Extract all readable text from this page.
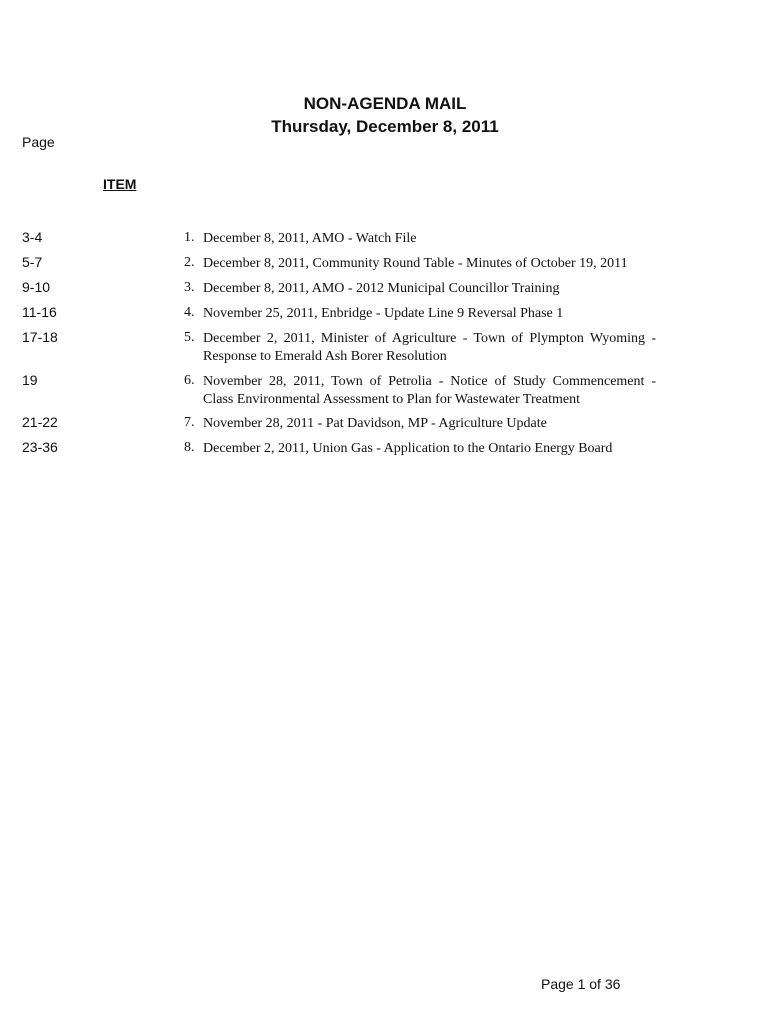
NON-AGENDA MAIL
Thursday, December 8, 2011
Page
ITEM
3-4	1. December 8, 2011, AMO - Watch File
5-7	2. December 8, 2011, Community Round Table - Minutes of October 19, 2011
9-10	3. December 8, 2011, AMO - 2012 Municipal Councillor Training
11-16	4. November 25, 2011, Enbridge - Update Line 9 Reversal Phase 1
17-18	5. December 2, 2011, Minister of Agriculture - Town of Plympton Wyoming -
Response to Emerald Ash Borer Resolution
19	6. November 28, 2011, Town of Petrolia - Notice of Study Commencement -
Class Environmental Assessment to Plan for Wastewater Treatment
21-22	7. November 28, 2011 - Pat Davidson, MP - Agriculture Update
23-36	8. December 2, 2011, Union Gas - Application to the Ontario Energy Board
Page 1 of 36
